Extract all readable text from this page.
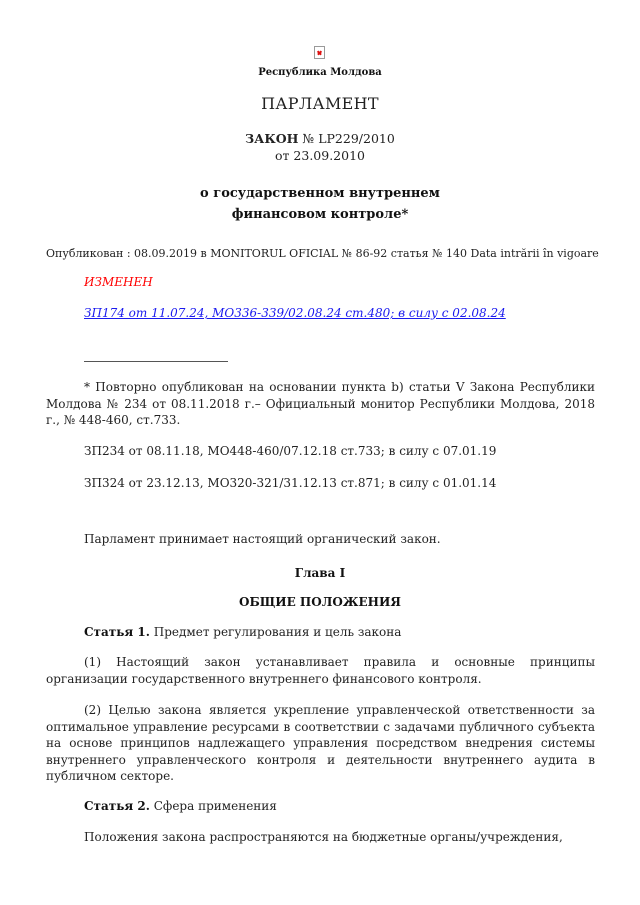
Республика Молдова
ПАРЛАМЕНТ
ЗАКОН № LP229/2010
от 23.09.2010
о государственном внутреннем
финансовом контроле*
Опубликован : 08.09.2019 в MONITORUL OFICIAL № 86-92 статья № 140 Data intrării în vigoare
ИЗМЕНЕН
ЗП174 от 11.07.24, MO336-339/02.08.24 ст.480; в силу с 02.08.24
* Повторно опубликован на основании пункта b) статьи V Закона Республики Молдова № 234 от 08.11.2018 г.– Официальный монитор Республики Молдова, 2018 г., № 448-460, ст.733.
ЗП234 от 08.11.18, MO448-460/07.12.18 ст.733; в силу с 07.01.19
ЗП324 от 23.12.13, MO320-321/31.12.13 ст.871; в силу с 01.01.14
Парламент принимает настоящий органический закон.
Глава I
ОБЩИЕ ПОЛОЖЕНИЯ
Статья 1. Предмет регулирования и цель закона
(1) Настоящий закон устанавливает правила и основные принципы организации государственного внутреннего финансового контроля.
(2) Целью закона является укрепление управленческой ответственности за оптимальное управление ресурсами в соответствии с задачами публичного субъекта на основе принципов надлежащего управления посредством внедрения системы внутреннего управленческого контроля и деятельности внутреннего аудита в публичном секторе.
Статья 2. Сфера применения
Положения закона распространяются на бюджетные органы/учреждения,
